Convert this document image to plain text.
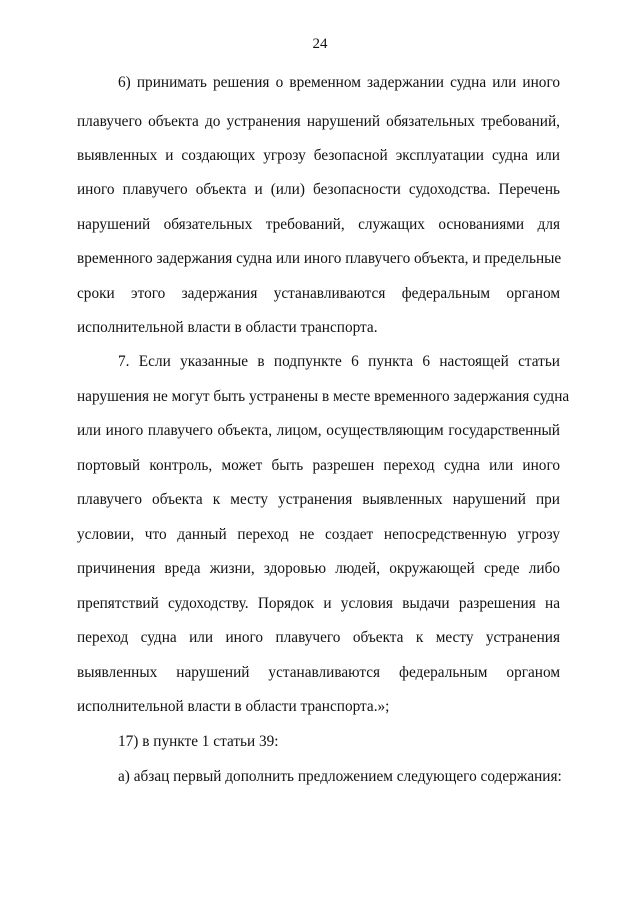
24
6) принимать решения о временном задержании судна или иного
плавучего объекта до устранения нарушений обязательных требований,
выявленных и создающих угрозу безопасной эксплуатации судна или
иного плавучего объекта и (или) безопасности судоходства. Перечень
нарушений обязательных требований, служащих основаниями для
временного задержания судна или иного плавучего объекта, и предельные
сроки этого задержания устанавливаются федеральным органом
исполнительной власти в области транспорта.
7. Если указанные в подпункте 6 пункта 6 настоящей статьи
нарушения не могут быть устранены в месте временного задержания судна
или иного плавучего объекта, лицом, осуществляющим государственный
портовый контроль, может быть разрешен переход судна или иного
плавучего объекта к месту устранения выявленных нарушений при
условии, что данный переход не создает непосредственную угрозу
причинения вреда жизни, здоровью людей, окружающей среде либо
препятствий судоходству. Порядок и условия выдачи разрешения на
переход судна или иного плавучего объекта к месту устранения
выявленных нарушений устанавливаются федеральным органом
исполнительной власти в области транспорта.»;
17) в пункте 1 статьи 39:
а) абзац первый дополнить предложением следующего содержания:
